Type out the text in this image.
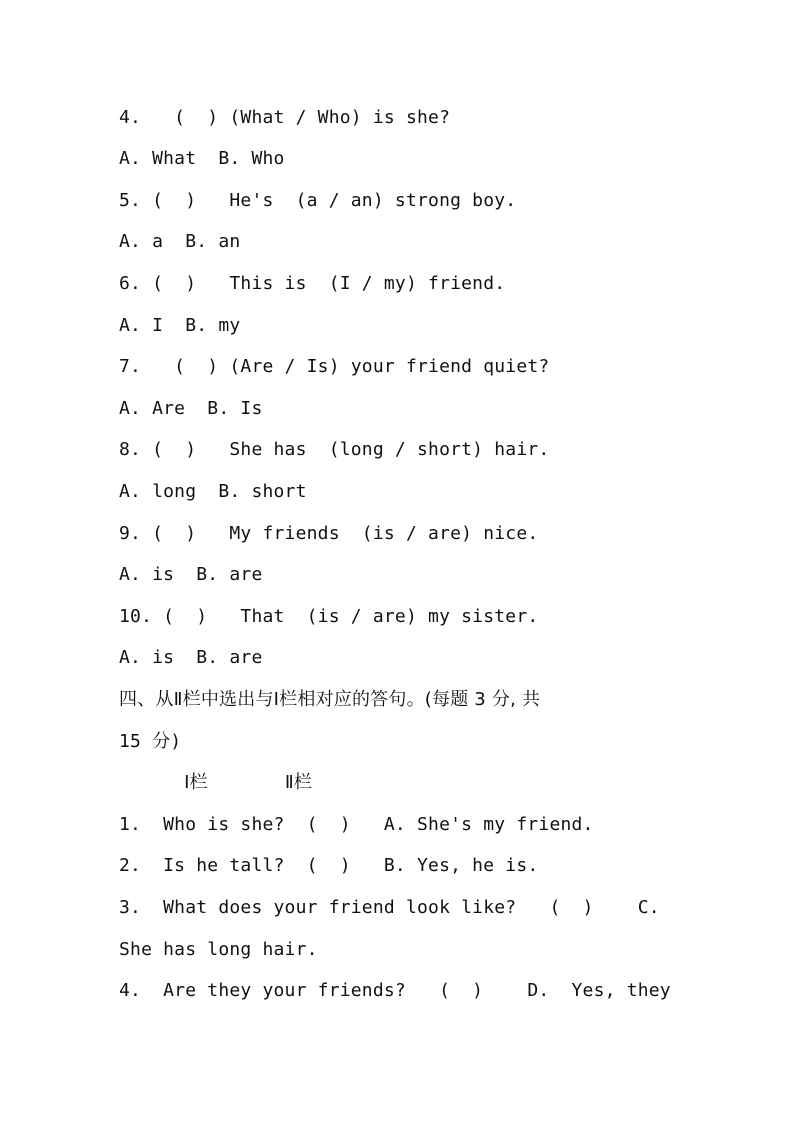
4.   (  ) (What / Who) is she?
A. What  B. Who
5. (  )   He's  (a / an) strong boy.
A. a  B. an
6. (  )   This is  (I / my) friend.
A. I  B. my
7.   (  ) (Are / Is) your friend quiet?
A. Are  B. Is
8. (  )   She has  (long / short) hair.
A. long  B. short
9. (  )   My friends  (is / are) nice.
A. is  B. are
10. (  )   That  (is / are) my sister.
A. is  B. are
四、从Ⅱ栏中选出与Ⅰ栏相对应的答句。(每题 3 分, 共
15 分)
Ⅰ栏             Ⅱ栏
1.  Who is she?  (  )   A. She's my friend.
2.  Is he tall?  (  )   B. Yes, he is.
3.  What does your friend look like?   (  )    C.
She has long hair.
4.  Are they your friends?   (  )    D.  Yes, they
